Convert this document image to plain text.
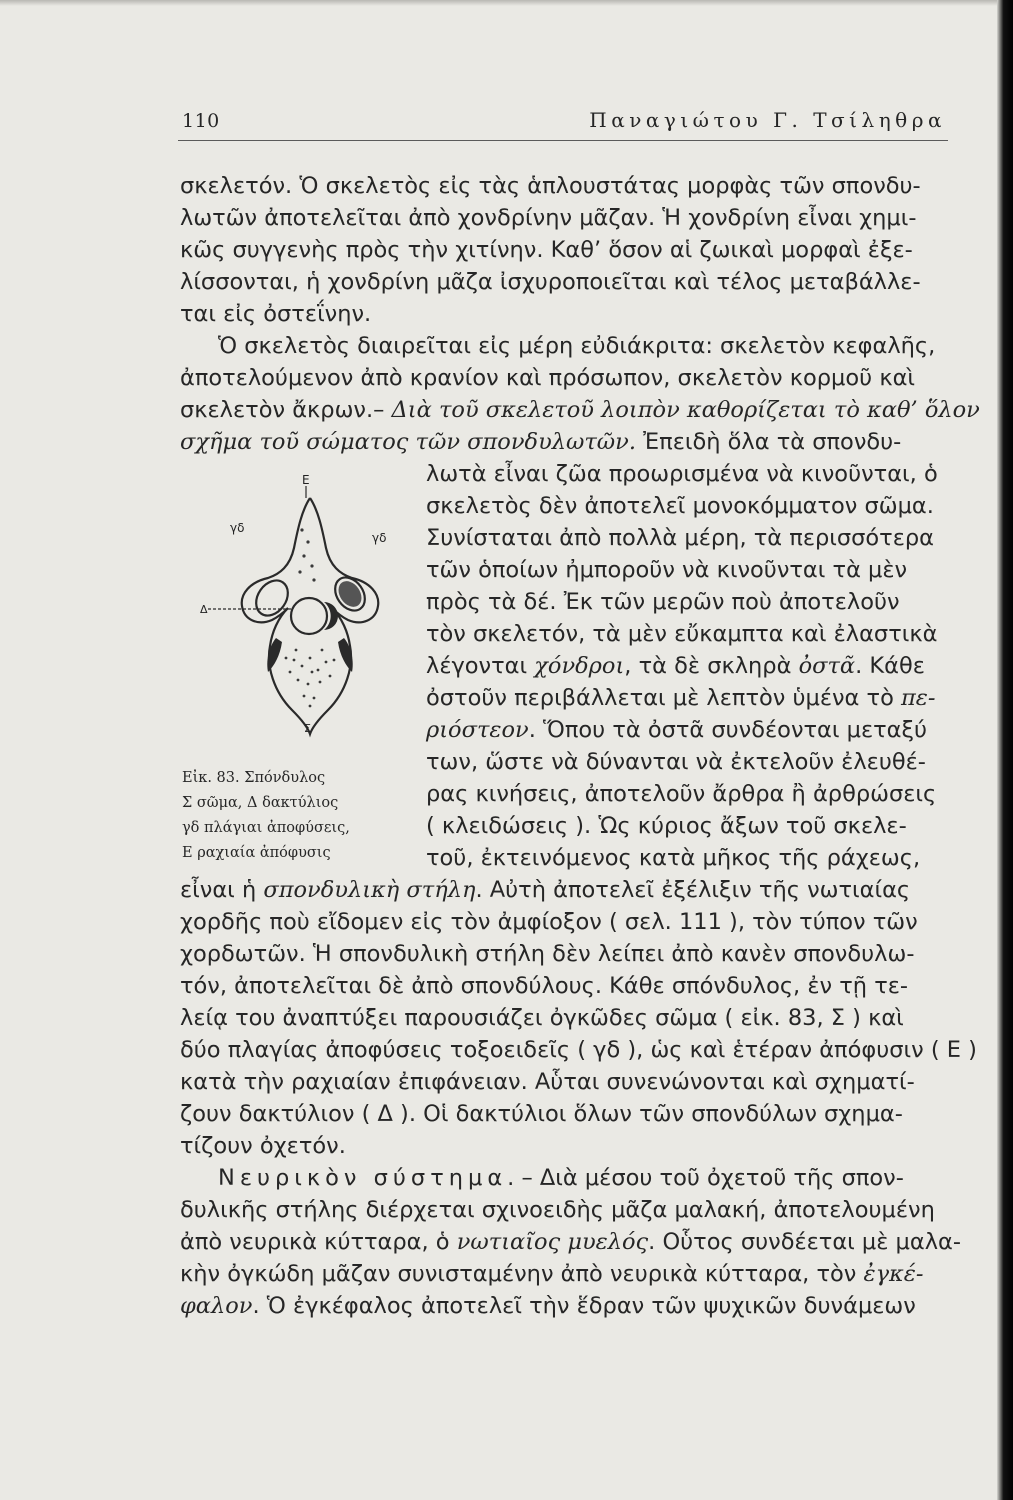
110	Παναγιώτου Γ. Τσίληθρα
σκελετόν. Ὁ σκελετὸς εἰς τὰς ἁπλουστάτας μορφὰς τῶν σπονδυ-
λωτῶν ἀποτελεῖται ἀπὸ χονδρίνην μᾶζαν. Ἡ χονδρίνη εἶναι χημι-
κῶς συγγενὴς πρὸς τὴν χιτίνην. Καθ’ ὅσον αἱ ζωικαὶ μορφαὶ ἐξε-
λίσσονται, ἡ χονδρίνη μᾶζα ἰσχυροποιεῖται καὶ τέλος μεταβάλλε-
ται εἰς ὀστεΐνην.
Ὁ σκελετὸς διαιρεῖται εἰς μέρη εὐδιάκριτα: σκελετὸν κεφαλῆς,
ἀποτελούμενον ἀπὸ κρανίον καὶ πρόσωπον, σκελετὸν κορμοῦ καὶ
σκελετὸν ἄκρων.– Διὰ τοῦ σκελετοῦ λοιπὸν καθορίζεται τὸ καθ’ ὅλον
σχῆμα τοῦ σώματος τῶν σπονδυλωτῶν. Ἐπειδὴ ὅλα τὰ σπονδυ-
λωτὰ εἶναι ζῶα προωρισμένα νὰ κινοῦνται, ὁ
σκελετὸς δὲν ἀποτελεῖ μονοκόμματον σῶμα.
Συνίσταται ἀπὸ πολλὰ μέρη, τὰ περισσότερα
τῶν ὁποίων ἠμποροῦν νὰ κινοῦνται τὰ μὲν
πρὸς τὰ δέ. Ἐκ τῶν μερῶν ποὺ ἀποτελοῦν
τὸν σκελετόν, τὰ μὲν εὔκαμπτα καὶ ἐλαστικὰ
λέγονται χόνδροι, τὰ δὲ σκληρὰ ὀστᾶ. Κάθε
ὀστοῦν περιβάλλεται μὲ λεπτὸν ὑμένα τὸ πε-
ριόστεον. Ὅπου τὰ ὀστᾶ συνδέονται μεταξύ
των, ὥστε νὰ δύνανται νὰ ἐκτελοῦν ἐλευθέ-
ρας κινήσεις, ἀποτελοῦν ἄρθρα ἢ ἀρθρώσεις
( κλειδώσεις ). Ὡς κύριος ἄξων τοῦ σκελε-
τοῦ, ἐκτεινόμενος κατὰ μῆκος τῆς ράχεως,
εἶναι ἡ σπονδυλικὴ στήλη. Αὐτὴ ἀποτελεῖ ἐξέλιξιν τῆς νωτιαίας
χορδῆς ποὺ εἴδομεν εἰς τὸν ἀμφίοξον ( σελ. 111 ), τὸν τύπον τῶν
χορδωτῶν. Ἡ σπονδυλικὴ στήλη δὲν λείπει ἀπὸ κανὲν σπονδυλω-
τόν, ἀποτελεῖται δὲ ἀπὸ σπονδύλους. Κάθε σπόνδυλος, ἐν τῇ τε-
λείᾳ του ἀναπτύξει παρουσιάζει ὀγκῶδες σῶμα ( εἰκ. 83, Σ ) καὶ
δύο πλαγίας ἀποφύσεις τοξοειδεῖς ( γδ ), ὡς καὶ ἑτέραν ἀπόφυσιν ( Ε )
κατὰ τὴν ραχιαίαν ἐπιφάνειαν. Αὗται συνενώνονται καὶ σχηματί-
ζουν δακτύλιον ( Δ ). Οἱ δακτύλιοι ὅλων τῶν σπονδύλων σχημα-
τίζουν ὀχετόν.
Νευρικὸν σύστημα. – Διὰ μέσου τοῦ ὀχετοῦ τῆς σπον-
δυλικῆς στήλης διέρχεται σχινοειδὴς μᾶζα μαλακή, ἀποτελουμένη
ἀπὸ νευρικὰ κύτταρα, ὁ νωτιαῖος μυελός. Οὗτος συνδέεται μὲ μαλα-
κὴν ὀγκώδη μᾶζαν συνισταμένην ἀπὸ νευρικὰ κύτταρα, τὸν ἐγκέ-
φαλον. Ὁ ἐγκέφαλος ἀποτελεῖ τὴν ἕδραν τῶν ψυχικῶν δυνάμεων
E
γδ
γδ
Δ
Σ
Εἰκ. 83. Σπόνδυλος
Σ σῶμα, Δ δακτύλιος
γδ πλάγιαι ἀποφύσεις,
Ε ραχιαία ἀπόφυσις
